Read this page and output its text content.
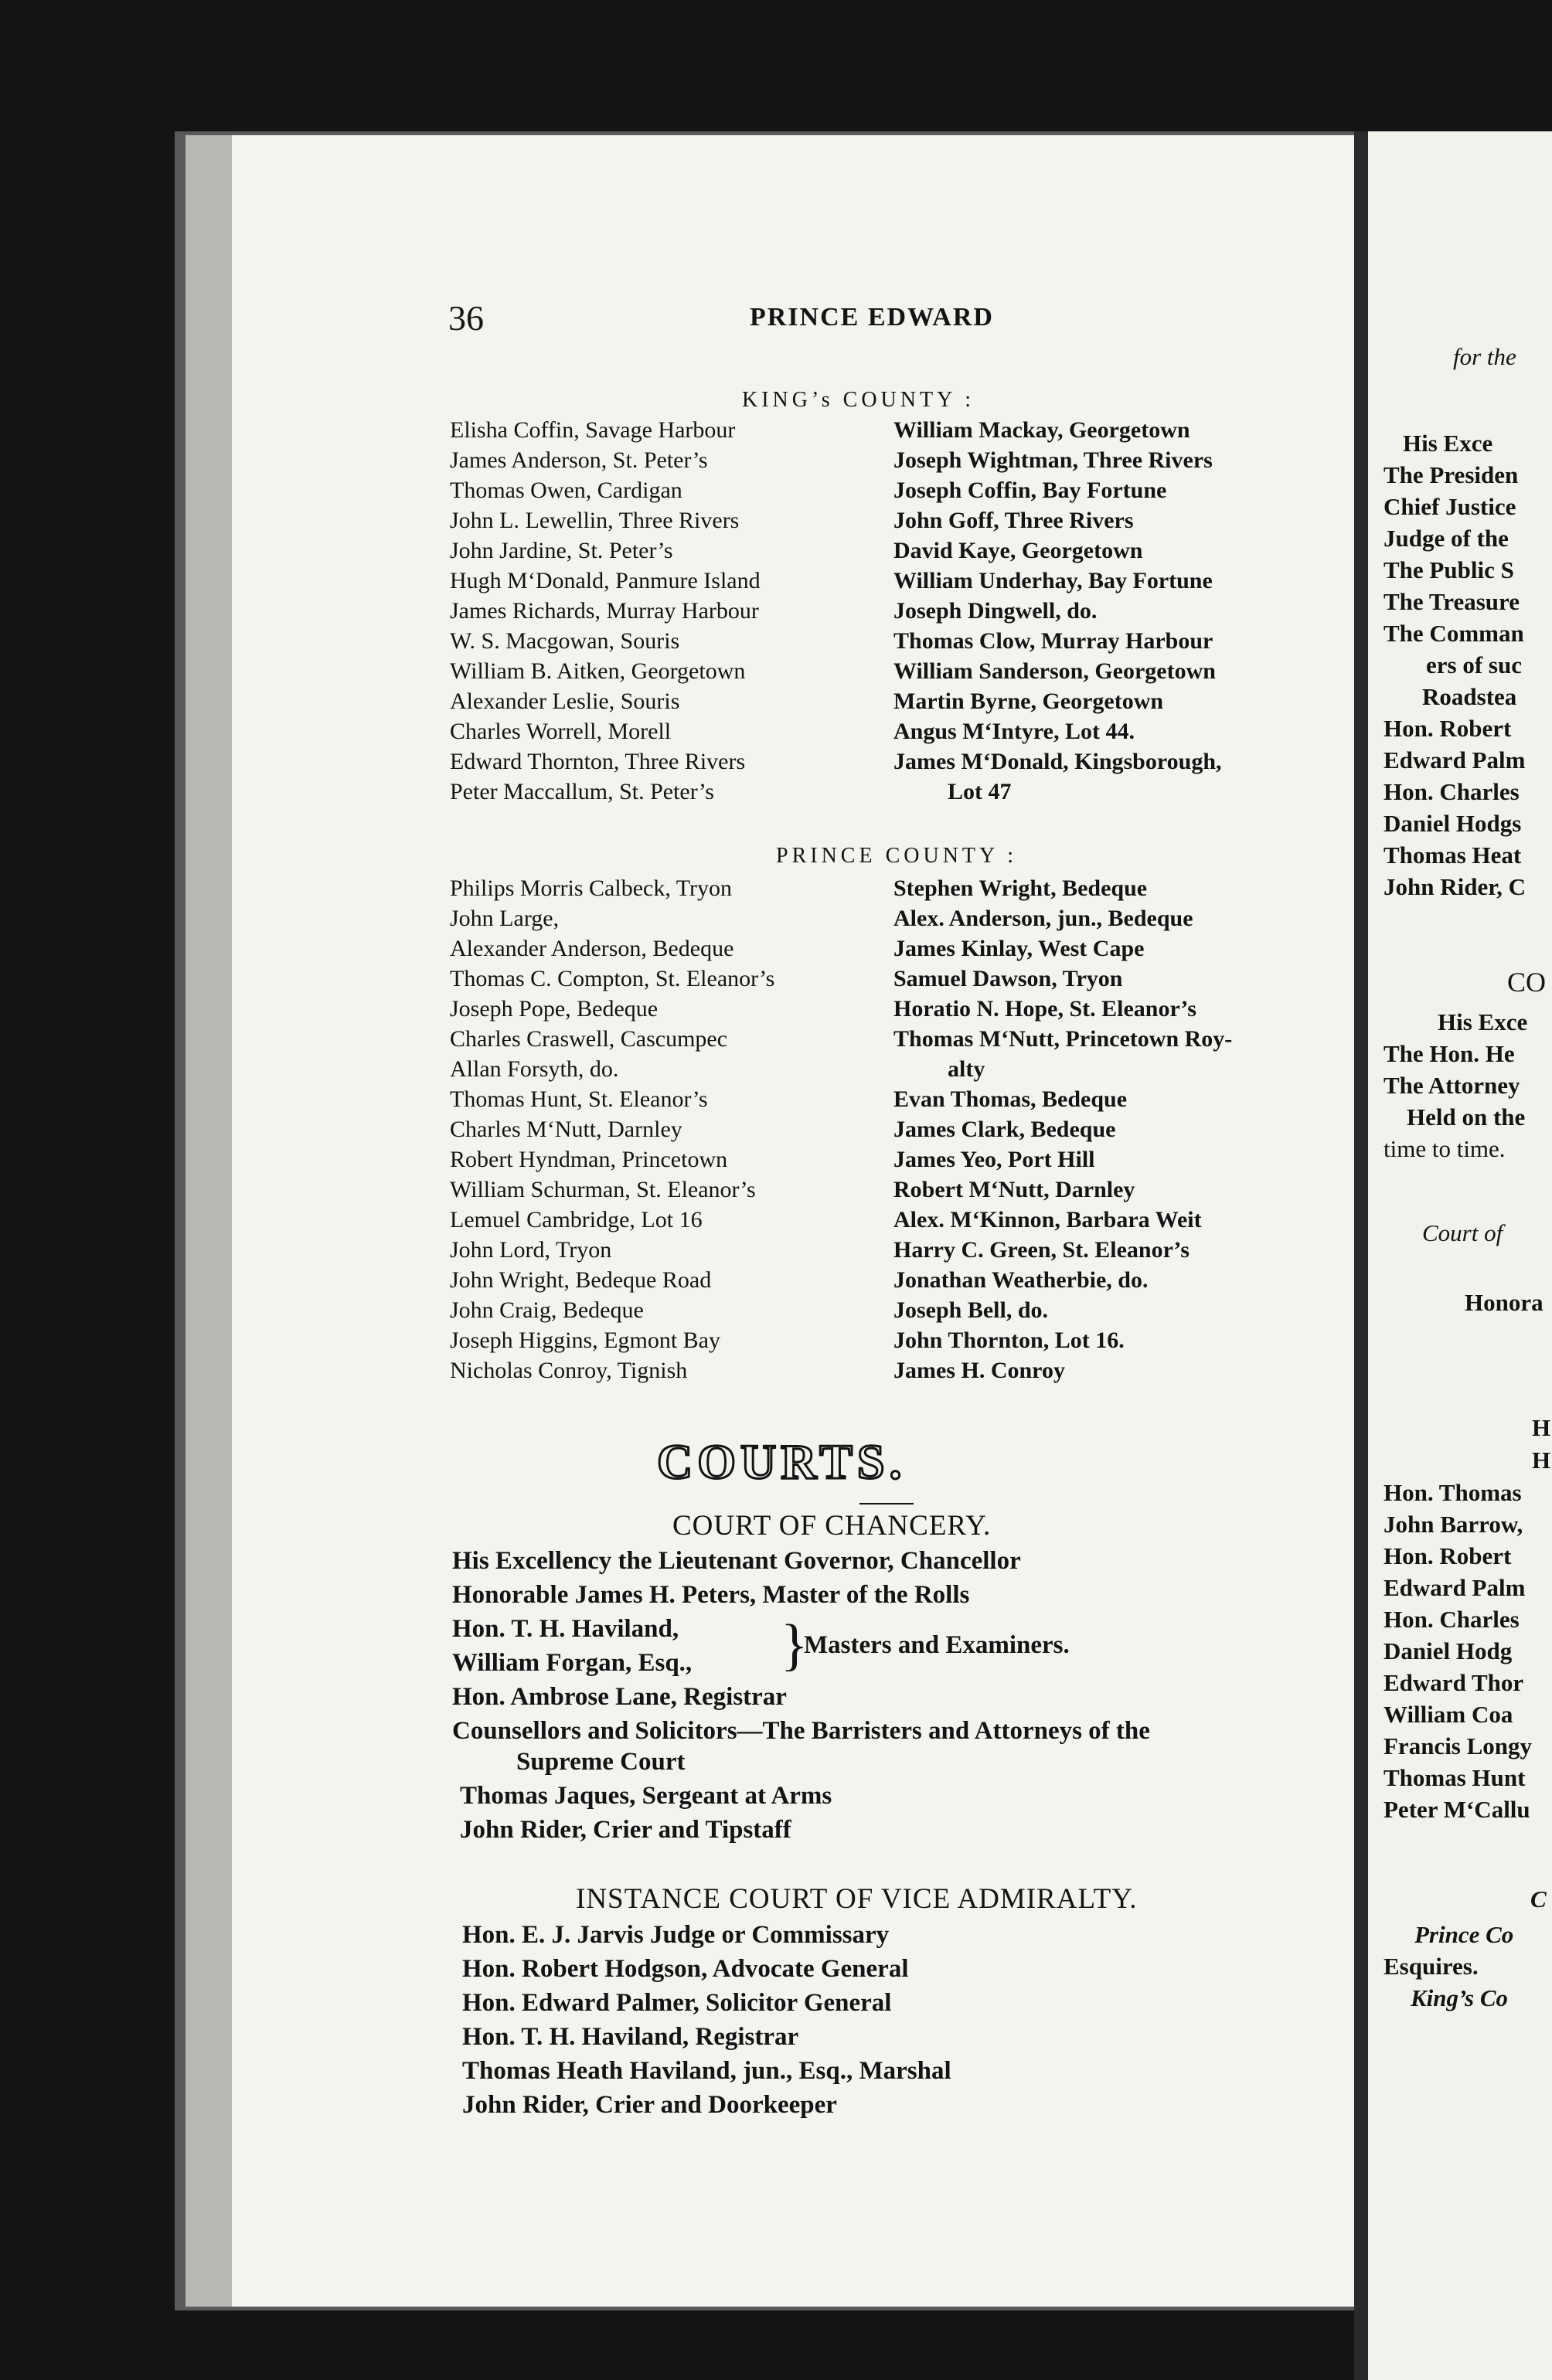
36	PRINCE EDWARD
KING’s COUNTY :
Elisha Coffin, Savage Harbour
James Anderson, St. Peter’s
Thomas Owen, Cardigan
John L. Lewellin, Three Rivers
John Jardine, St. Peter’s
Hugh M‘Donald, Panmure Island
James Richards, Murray Harbour
W. S. Macgowan, Souris
William B. Aitken, Georgetown
Alexander Leslie, Souris
Charles Worrell, Morell
Edward Thornton, Three Rivers
Peter Maccallum, St. Peter’s
William Mackay, Georgetown
Joseph Wightman, Three Rivers
Joseph Coffin, Bay Fortune
John Goff, Three Rivers
David Kaye, Georgetown
William Underhay, Bay Fortune
Joseph Dingwell, do.
Thomas Clow, Murray Harbour
William Sanderson, Georgetown
Martin Byrne, Georgetown
Angus M‘Intyre, Lot 44.
James M‘Donald, Kingsborough,
Lot 47
PRINCE COUNTY :
Philips Morris Calbeck, Tryon
John Large,
Alexander Anderson, Bedeque
Thomas C. Compton, St. Eleanor’s
Joseph Pope, Bedeque
Charles Craswell, Cascumpec
Allan Forsyth, do.
Thomas Hunt, St. Eleanor’s
Charles M‘Nutt, Darnley
Robert Hyndman, Princetown
William Schurman, St. Eleanor’s
Lemuel Cambridge, Lot 16
John Lord, Tryon
John Wright, Bedeque Road
John Craig, Bedeque
Joseph Higgins, Egmont Bay
Nicholas Conroy, Tignish
Stephen Wright, Bedeque
Alex. Anderson, jun., Bedeque
James Kinlay, West Cape
Samuel Dawson, Tryon
Horatio N. Hope, St. Eleanor’s
Thomas M‘Nutt, Princetown Roy-
alty
Evan Thomas, Bedeque
James Clark, Bedeque
James Yeo, Port Hill
Robert M‘Nutt, Darnley
Alex. M‘Kinnon, Barbara Weit
Harry C. Green, St. Eleanor’s
Jonathan Weatherbie, do.
Joseph Bell, do.
John Thornton, Lot 16.
James H. Conroy
COURTS.
COURT OF CHANCERY.
His Excellency the Lieutenant Governor, Chancellor
Honorable James H. Peters, Master of the Rolls
Hon. T. H. Haviland,
William Forgan, Esq., }
Masters and Examiners.
Hon. Ambrose Lane, Registrar
Counsellors and Solicitors—The Barristers and Attorneys of the
Supreme Court
Thomas Jaques, Sergeant at Arms
John Rider, Crier and Tipstaff
INSTANCE COURT OF VICE ADMIRALTY.
Hon. E. J. Jarvis Judge or Commissary
Hon. Robert Hodgson, Advocate General
Hon. Edward Palmer, Solicitor General
Hon. T. H. Haviland, Registrar
Thomas Heath Haviland, jun., Esq., Marshal
John Rider, Crier and Doorkeeper
for the
His Exce
The Presiden
Chief Justice
Judge of the
The Public S
The Treasure
The Comman
ers of suc
Roadstea
Hon. Robert
Edward Palm
Hon. Charles
Daniel Hodgs
Thomas Heat
John Rider, C
CO
His Exce
The Hon. He
The Attorney
Held on the
time to time.
Court of
Honora
H
H
Hon. Thomas
John Barrow,
Hon. Robert
Edward Palm
Hon. Charles
Daniel Hodg
Edward Thor
William Coa
Francis Longy
Thomas Hunt
Peter M‘Callu
C
Prince Co
Esquires.
King’s Co
